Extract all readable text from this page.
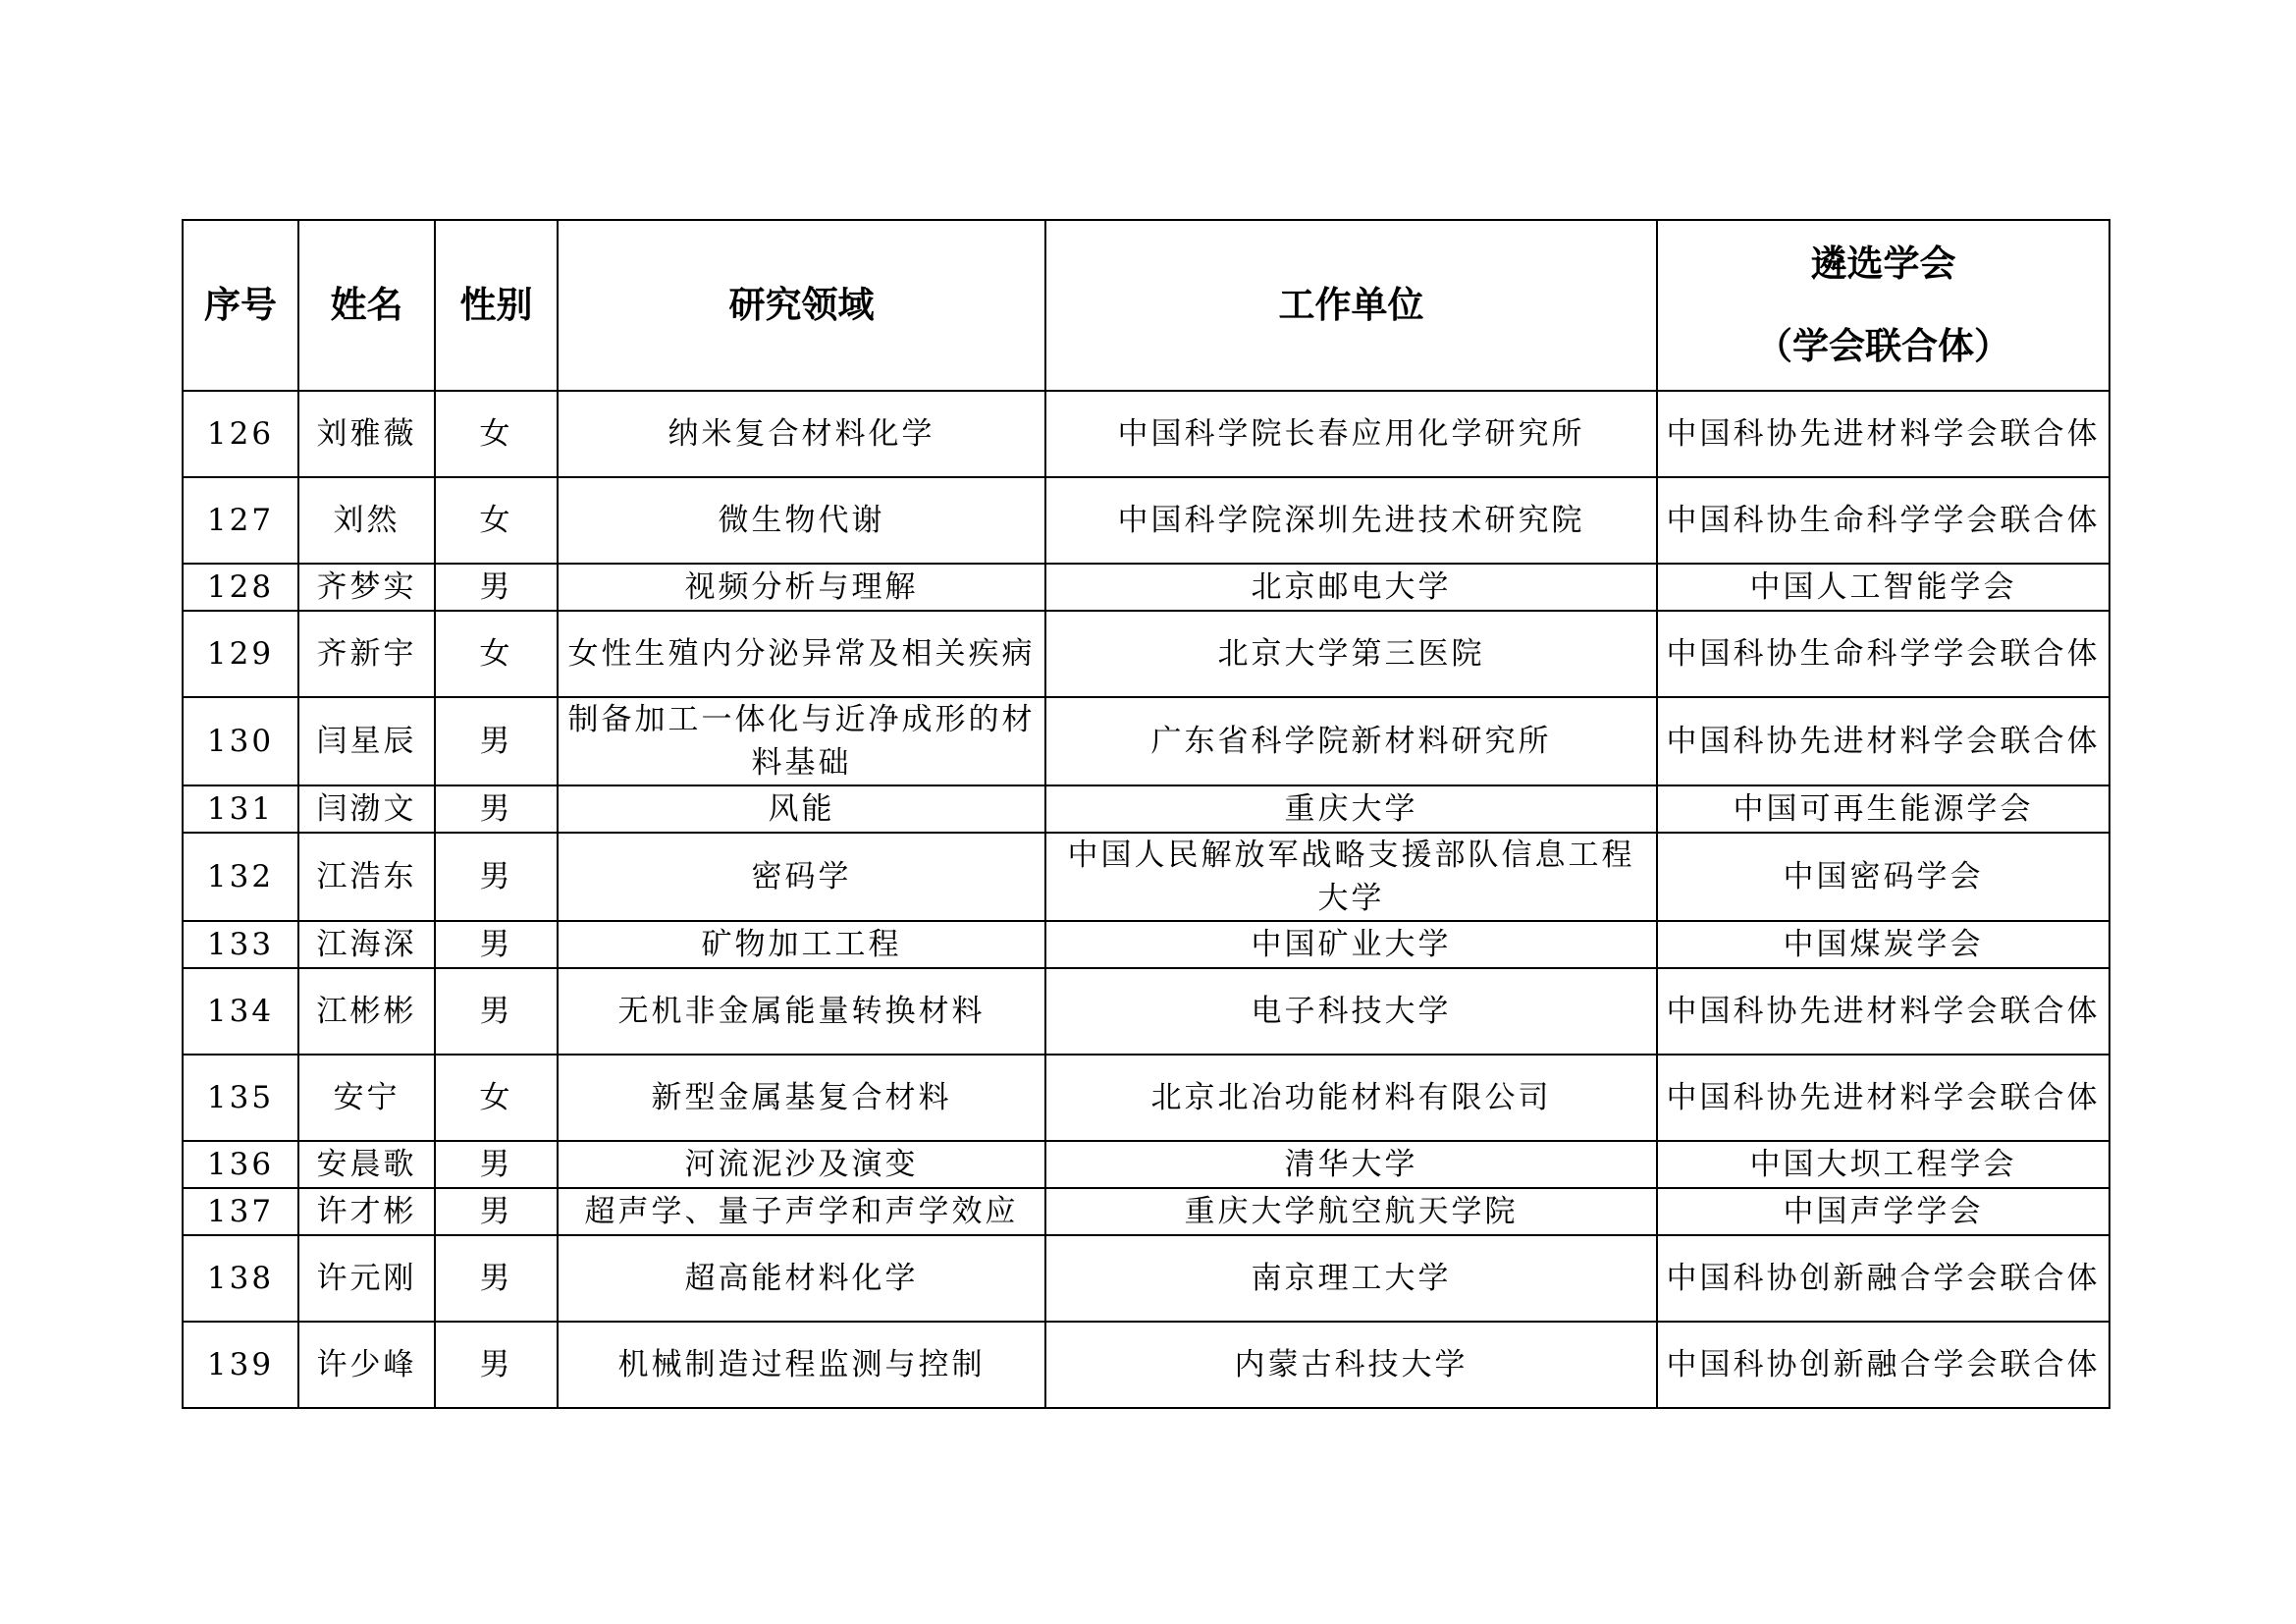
序号	姓名	性别	研究领域	工作单位	遴选学会
（学会联合体）

126	刘雅薇	女	纳米复合材料化学	中国科学院长春应用化学研究所	中国科协先进材料学会联合体
127	刘然	女	微生物代谢	中国科学院深圳先进技术研究院	中国科协生命科学学会联合体
128	齐梦实	男	视频分析与理解	北京邮电大学	中国人工智能学会
129	齐新宇	女	女性生殖内分泌异常及相关疾病	北京大学第三医院	中国科协生命科学学会联合体
130	闫星辰	男	制备加工一体化与近净成形的材料基础	广东省科学院新材料研究所	中国科协先进材料学会联合体
131	闫渤文	男	风能	重庆大学	中国可再生能源学会
132	江浩东	男	密码学	中国人民解放军战略支援部队信息工程大学	中国密码学会
133	江海深	男	矿物加工工程	中国矿业大学	中国煤炭学会
134	江彬彬	男	无机非金属能量转换材料	电子科技大学	中国科协先进材料学会联合体
135	安宁	女	新型金属基复合材料	北京北冶功能材料有限公司	中国科协先进材料学会联合体
136	安晨歌	男	河流泥沙及演变	清华大学	中国大坝工程学会
137	许才彬	男	超声学、量子声学和声学效应	重庆大学航空航天学院	中国声学学会
138	许元刚	男	超高能材料化学	南京理工大学	中国科协创新融合学会联合体
139	许少峰	男	机械制造过程监测与控制	内蒙古科技大学	中国科协创新融合学会联合体
